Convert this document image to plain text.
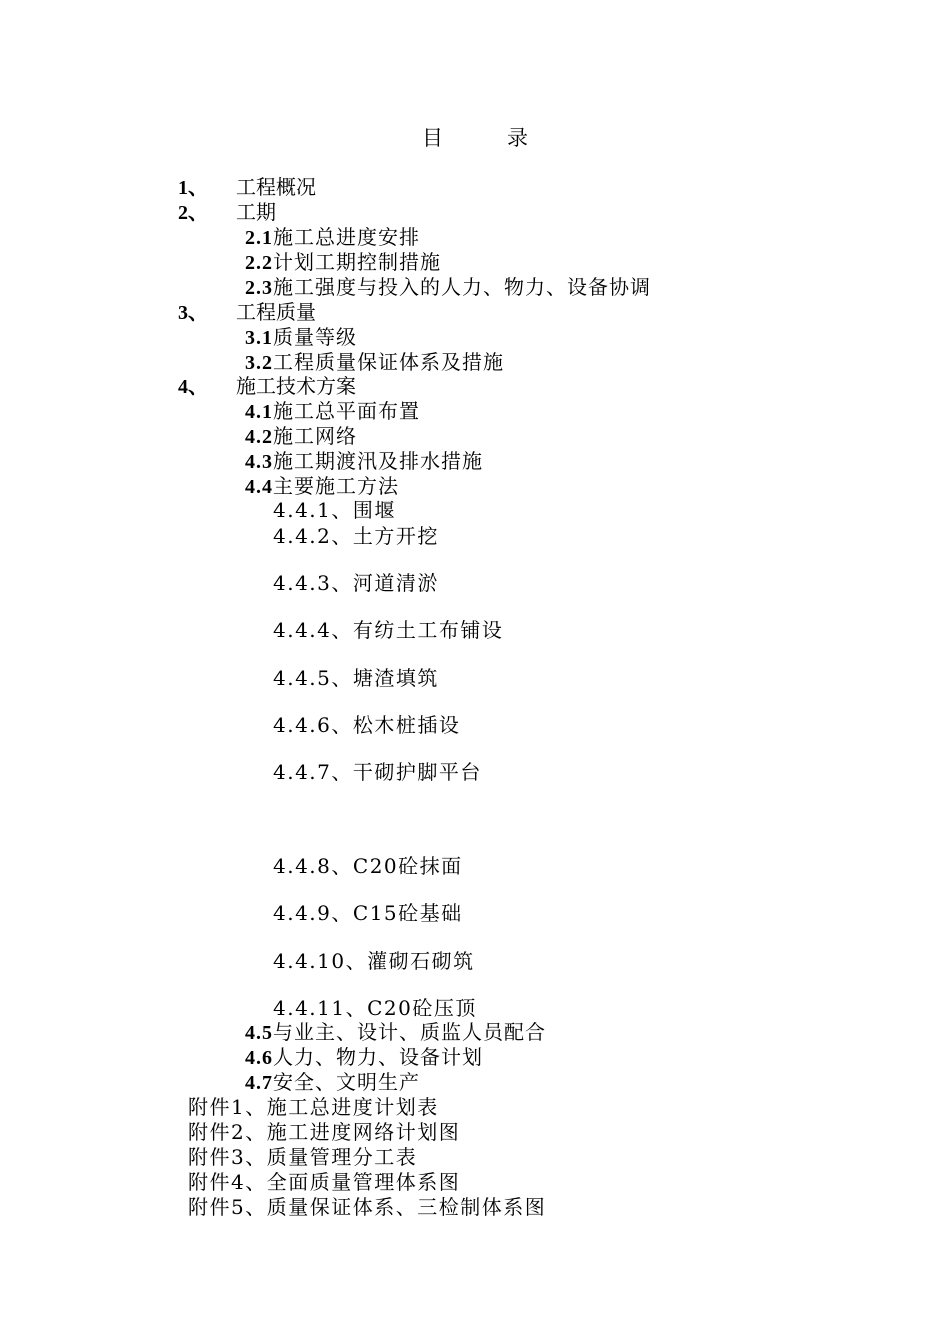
目	录
1、 工程概况
2、 工期
2.1施工总进度安排
2.2计划工期控制措施
2.3施工强度与投入的人力、物力、设备协调
3、 工程质量
3.1质量等级
3.2工程质量保证体系及措施
4、 施工技术方案
4.1施工总平面布置
4.2施工网络
4.3施工期渡汛及排水措施
4.4主要施工方法
4.4.1、围堰
4.4.2、土方开挖
4.4.3、河道清淤
4.4.4、有纺土工布铺设
4.4.5、塘渣填筑
4.4.6、松木桩插设
4.4.7、干砌护脚平台
4.4.8、C20砼抹面
4.4.9、C15砼基础
4.4.10、灌砌石砌筑
4.4.11、C20砼压顶
4.5与业主、设计、质监人员配合
4.6人力、物力、设备计划
4.7安全、文明生产
附件1、施工总进度计划表
附件2、施工进度网络计划图
附件3、质量管理分工表
附件4、全面质量管理体系图
附件5、质量保证体系、三检制体系图
